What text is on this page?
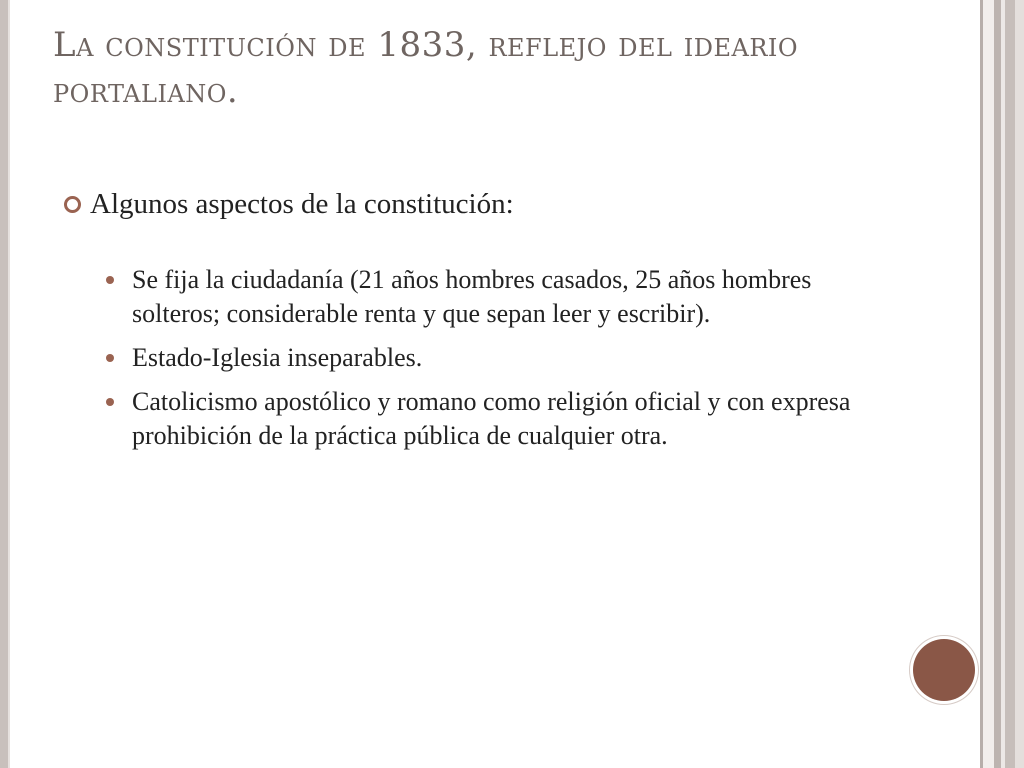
La constitución de 1833, reflejo del ideario portaliano.
Algunos aspectos de la constitución:
Se fija la ciudadanía (21 años hombres casados, 25 años hombres solteros; considerable renta y que sepan leer y escribir).
Estado-Iglesia inseparables.
Catolicismo apostólico y romano como religión oficial y con expresa prohibición de la práctica pública de cualquier otra.
